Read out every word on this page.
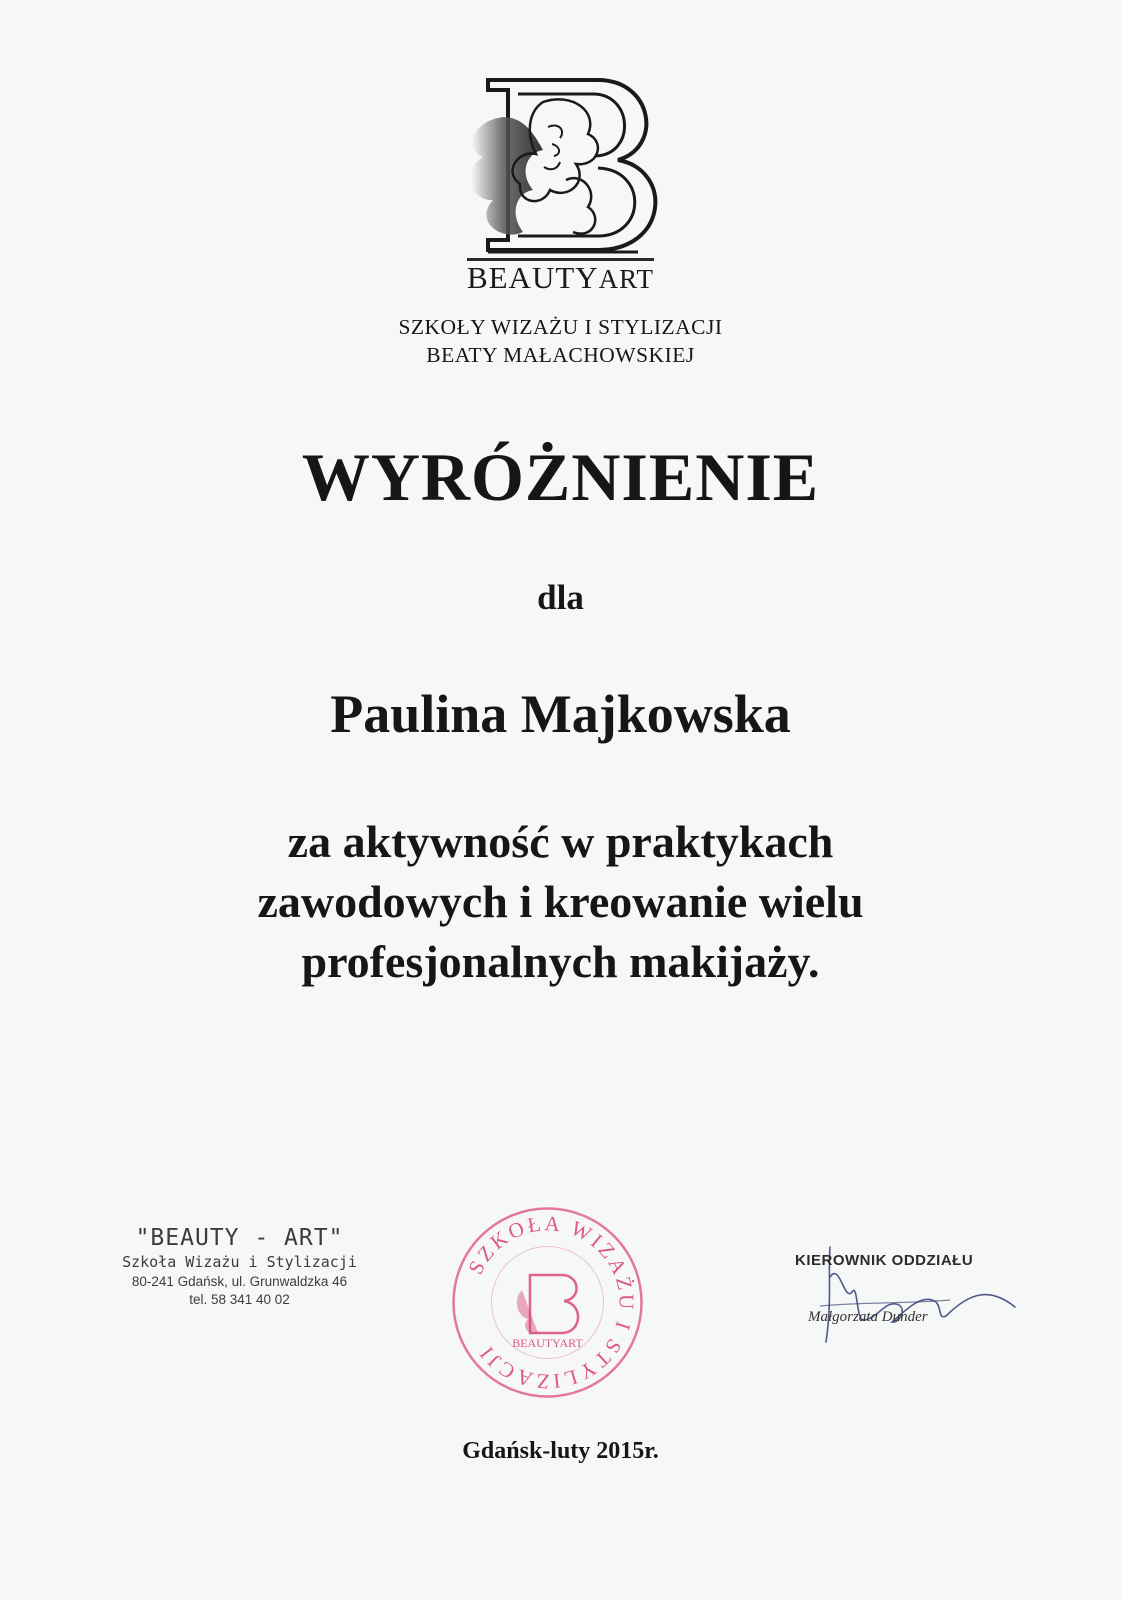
BEAUTYART
SZKOŁY WIZAŻU I STYLIZACJI
BEATY MAŁACHOWSKIEJ
WYRÓŻNIENIE
dla
Paulina Majkowska
za aktywność w praktykach
zawodowych i kreowanie wielu
profesjonalnych makijaży.
"BEAUTY - ART"
Szkoła Wizażu i Stylizacji
80-241 Gdańsk, ul. Grunwaldzka 46
tel. 58 341 40 02
SZKOŁA WIZAŻU I STYLIZACJI	BEAUTYART
KIEROWNIK ODDZIAŁU
Małgorzata Dunder
Gdańsk-luty 2015r.
